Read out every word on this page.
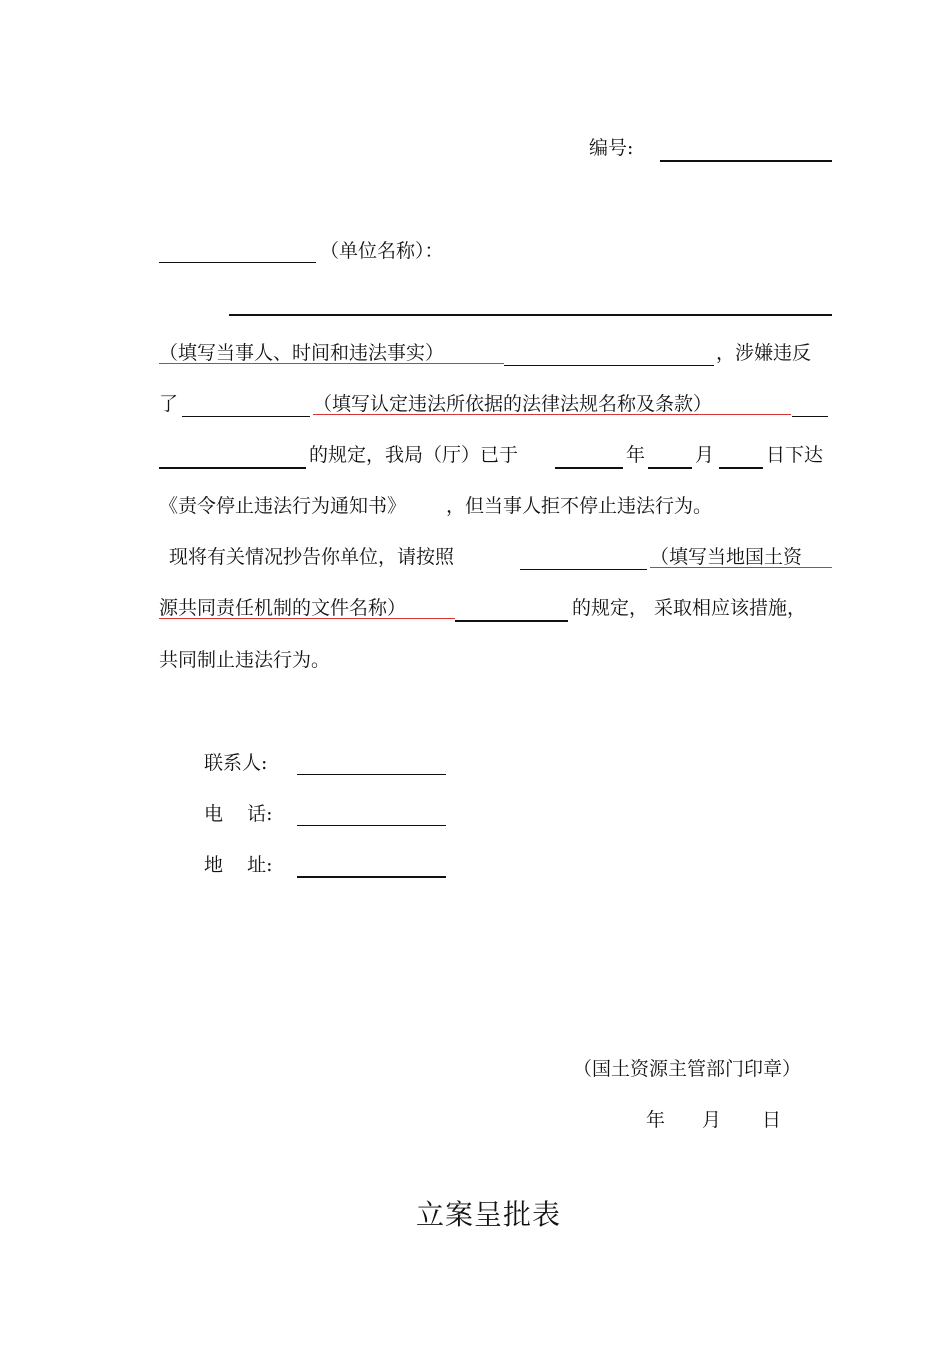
编号:
（单位名称）：
（填写当事人、时间和违法事实）	，涉嫌违反
了	（填写认定违法所依据的法律法规名称及条款）
的规定，我局（厅）已于	年	月	日下达
《责令停止违法行为通知书》 ，但当事人拒不停止违法行为。
现将有关情况抄告你单位，请按照	（填写当地国土资
源共同责任机制的文件名称）	的规定， 采取相应该措施，
共同制止违法行为。
联系人:
电    话:
地    址:
（国土资源主管部门印章）
年 月 日
立案呈批表
